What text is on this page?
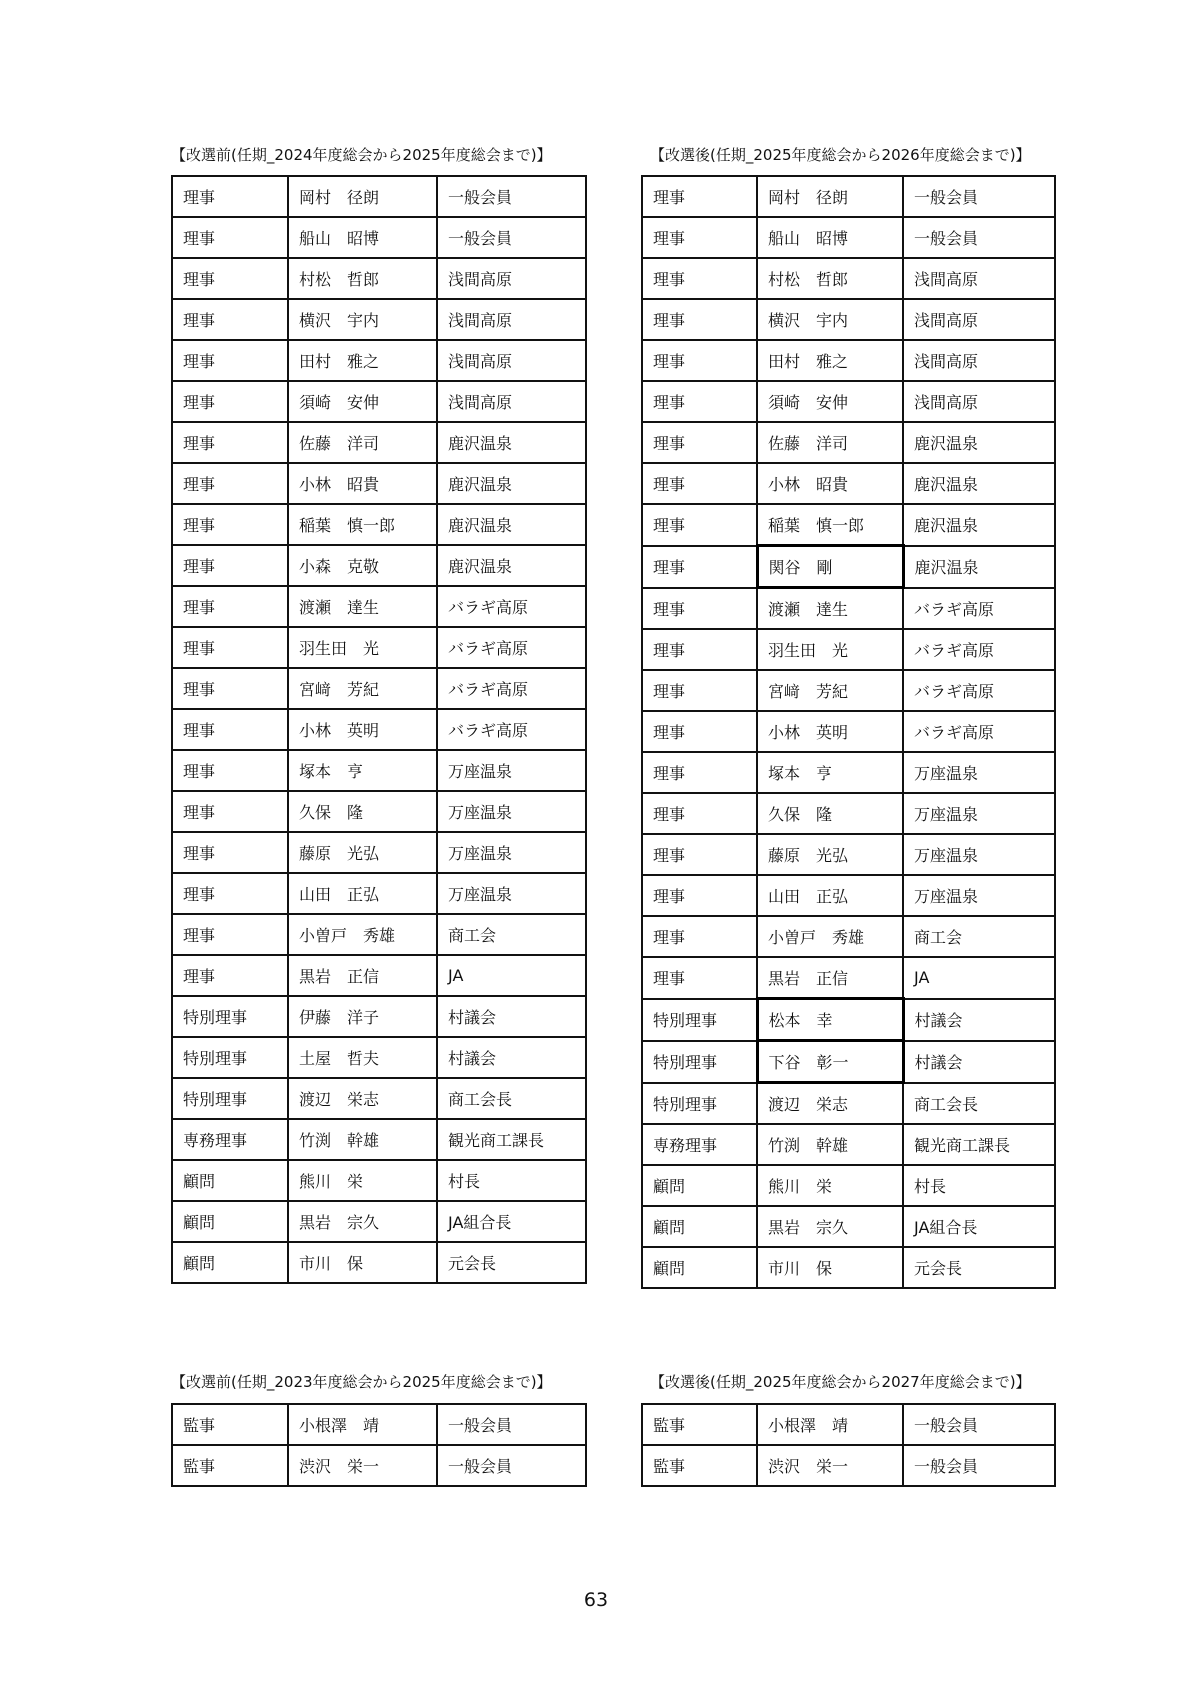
【改選前(任期_2024年度総会から2025年度総会まで)】	【改選後(任期_2025年度総会から2026年度総会まで)】
理事	岡村　径朗	一般会員
理事	船山　昭博	一般会員
理事	村松　哲郎	浅間高原
理事	横沢　宇内	浅間高原
理事	田村　雅之	浅間高原
理事	須崎　安伸	浅間高原
理事	佐藤　洋司	鹿沢温泉
理事	小林　昭貴	鹿沢温泉
理事	稲葉　慎一郎	鹿沢温泉
理事	小森　克敬	鹿沢温泉
理事	渡瀬　達生	バラギ高原
理事	羽生田　光	バラギ高原
理事	宮﨑　芳紀	バラギ高原
理事	小林　英明	バラギ高原
理事	塚本　亨	万座温泉
理事	久保　隆	万座温泉
理事	藤原　光弘	万座温泉
理事	山田　正弘	万座温泉
理事	小曽戸　秀雄	商工会
理事	黒岩　正信	JA
特別理事	伊藤　洋子	村議会
特別理事	土屋　哲夫	村議会
特別理事	渡辺　栄志	商工会長
専務理事	竹渕　幹雄	観光商工課長
顧問	熊川　栄	村長
顧問	黒岩　宗久	JA組合長
顧問	市川　保	元会長
理事	岡村　径朗	一般会員
理事	船山　昭博	一般会員
理事	村松　哲郎	浅間高原
理事	横沢　宇内	浅間高原
理事	田村　雅之	浅間高原
理事	須崎　安伸	浅間高原
理事	佐藤　洋司	鹿沢温泉
理事	小林　昭貴	鹿沢温泉
理事	稲葉　慎一郎	鹿沢温泉
理事	関谷　剛	鹿沢温泉
理事	渡瀬　達生	バラギ高原
理事	羽生田　光	バラギ高原
理事	宮﨑　芳紀	バラギ高原
理事	小林　英明	バラギ高原
理事	塚本　亨	万座温泉
理事	久保　隆	万座温泉
理事	藤原　光弘	万座温泉
理事	山田　正弘	万座温泉
理事	小曽戸　秀雄	商工会
理事	黒岩　正信	JA
特別理事	松本　幸	村議会
特別理事	下谷　彰一	村議会
特別理事	渡辺　栄志	商工会長
専務理事	竹渕　幹雄	観光商工課長
顧問	熊川　栄	村長
顧問	黒岩　宗久	JA組合長
顧問	市川　保	元会長
【改選前(任期_2023年度総会から2025年度総会まで)】	【改選後(任期_2025年度総会から2027年度総会まで)】
監事	小根澤　靖	一般会員
監事	渋沢　栄一	一般会員
監事	小根澤　靖	一般会員
監事	渋沢　栄一	一般会員
63
